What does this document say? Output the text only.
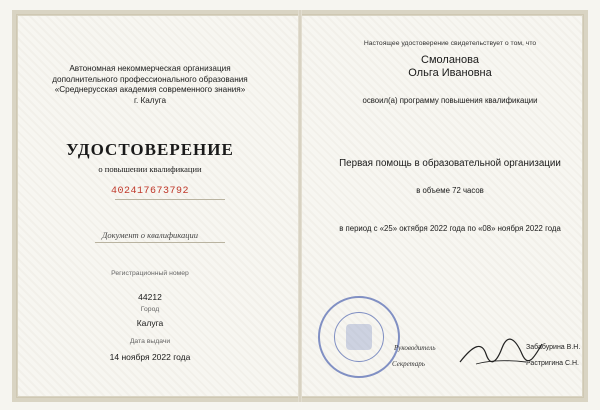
Автономная некоммерческая организация
дополнительного профессионального образования
«Среднерусская академия современного знания»
г. Калуга
УДОСТОВЕРЕНИЕ
о повышении квалификации
402417673792
Документ о квалификации
Регистрационный номер
44212
Город
Калуга
Дата выдачи
14 ноября 2022 года
Настоящее удостоверение свидетельствует о том, что
Смоланова
Ольга Ивановна
освоил(а) программу повышения квалификации
Первая помощь в образовательной организации
в объеме 72 часов
в период с «25» октября 2022 года по «08» ноября 2022 года
Руководитель	Забабурина В.Н.
Секретарь	Растригина С.Н.
